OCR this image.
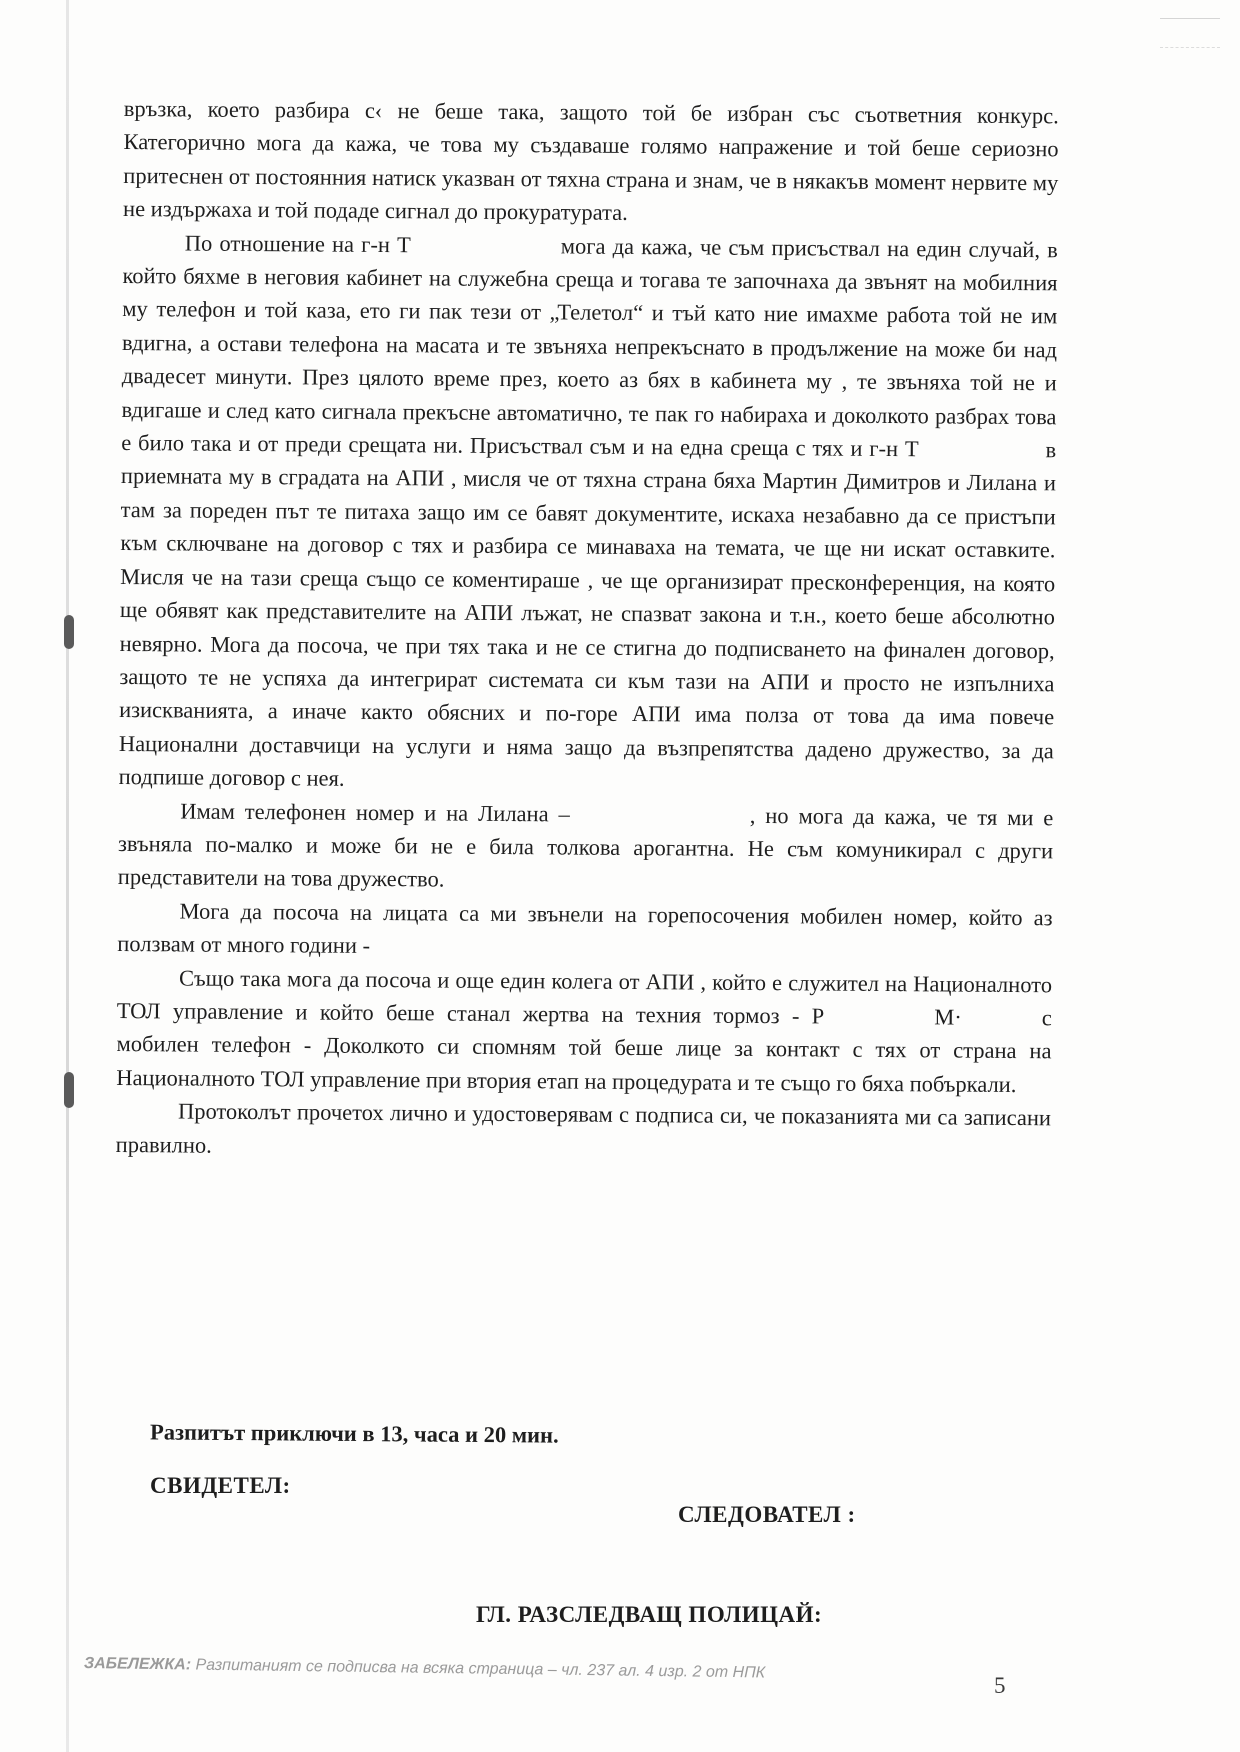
връзка, което разбира с‹ не беше така, защото той бе избран със съответния конкурс. Категорично мога да кажа, че това му създаваше голямо напражение и той беше сериозно притеснен от постоянния натиск указван от тяхна страна и знам, че в някакъв момент нервите му не издържаха и той подаде сигнал до прокуратурата.

По отношение на г-н Т	мога да кажа, че съм присъствал на един случай, в който бяхме в неговия кабинет на служебна среща и тогава те започнаха да звънят на мобилния му телефон и той каза, ето ги пак тези от „Телетол“ и тъй като ние имахме работа той не им вдигна, а остави телефона на масата и те звъняха непрекъснато в продължение на може би над двадесет минути. През цялото време през, което аз бях в кабинета му , те звъняха той не и вдигаше и след като сигнала прекъсне автоматично, те пак го набираха и доколкото разбрах това е било така и от преди срещата ни. Присъствал съм и на една среща с тях и г-н Т	в приемната му в сградата на АПИ , мисля че от тяхна страна бяха Мартин Димитров и Лилана и там за пореден път те питаха защо им се бавят документите, искаха незабавно да се пристъпи към сключване на договор с тях и разбира се минаваха на темата, че ще ни искат оставките. Мисля че на тази среща също се коментираше , че ще организират пресконференция, на която ще обявят как представителите на АПИ лъжат, не спазват закона и т.н., което беше абсолютно невярно. Мога да посоча, че при тях така и не се стигна до подписването на финален договор, защото те не успяха да интегрират системата си към тази на АПИ и просто не изпълниха изискванията, а иначе както обясних и по-горе АПИ има полза от това да има повече Национални доставчици на услуги и няма защо да възпрепятства дадено дружество, за да подпише договор с нея.

Имам телефонен номер и на Лилана –	, но мога да кажа, че тя ми е звъняла по-малко и може би не е била толкова арогантна. Не съм комуникирал с други представители на това дружество.

Мога да посоча на лицата са ми звънели на горепосочения мобилен номер, който аз ползвам от много години -

Също така мога да посоча и още един колега от АПИ , който е служител на Националното ТОЛ управление и който беше станал жертва на техния тормоз - Р	М·	с мобилен телефон - Доколкото си спомням той беше лице за контакт с тях от страна на Националното ТОЛ управление при втория етап на процедурата и те също го бяха побъркали.

Протоколът прочетох лично и удостоверявам с подписа си, че показанията ми са записани правилно.

Разпитът приключи в 13, часа и 20 мин.
СВИДЕТЕЛ:
СЛЕДОВАТЕЛ :
ГЛ. РАЗСЛЕДВАЩ ПОЛИЦАЙ:
ЗАБЕЛЕЖКА: Разпитаният се подписва на всяка страница – чл. 237 ал. 4 изр. 2 от НПК
5
